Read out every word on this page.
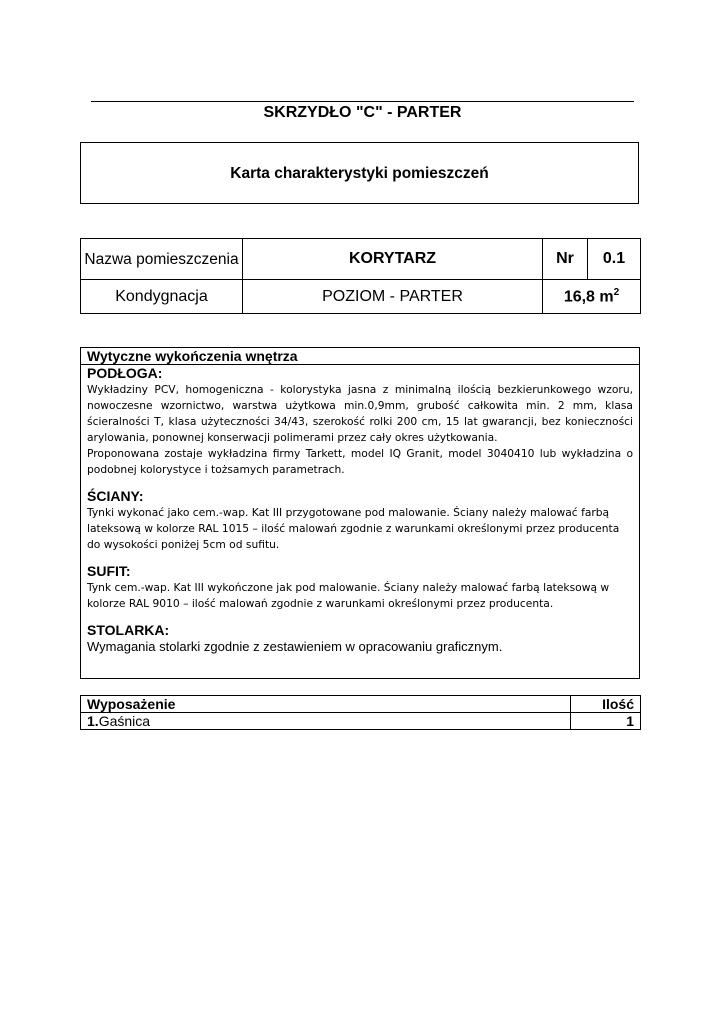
SKRZYDŁO "C" - PARTER
Karta charakterystyki pomieszczeń
Nazwa pomieszczenia	KORYTARZ	Nr	0.1
Kondygnacja	POZIOM - PARTER	16,8 $m^2$
Wytyczne wykończenia wnętrza
PODŁOGA:

Wykładziny PCV, homogeniczna - kolorystyka jasna z minimalną ilością bezkierunkowego wzoru, nowoczesne wzornictwo, warstwa użytkowa min.0,9mm, grubość całkowita min. 2 mm, klasa ścieralności T, klasa użyteczności 34/43, szerokość rolki 200 cm, 15 lat gwarancji, bez konieczności arylowania, ponownej konserwacji polimerami przez cały okres użytkowania.

Proponowana zostaje wykładzina firmy Tarkett, model IQ Granit, model 3040410 lub wykładzina o podobnej kolorystyce i tożsamych parametrach.

ŚCIANY:

Tynki wykonać jako cem.-wap. Kat III przygotowane pod malowanie. Ściany należy malować farbą lateksową w kolorze RAL 1015 – ilość malowań zgodnie z warunkami określonymi przez producenta do wysokości poniżej 5cm od sufitu.

SUFIT:

Tynk cem.-wap. Kat III wykończone jak pod malowanie. Ściany należy malować farbą lateksową w kolorze RAL 9010 – ilość malowań zgodnie z warunkami określonymi przez producenta.

STOLARKA:

Wymagania stolarki zgodnie z zestawieniem w opracowaniu graficznym.

Wyposażenie	Ilość
1.Gaśnica	1
